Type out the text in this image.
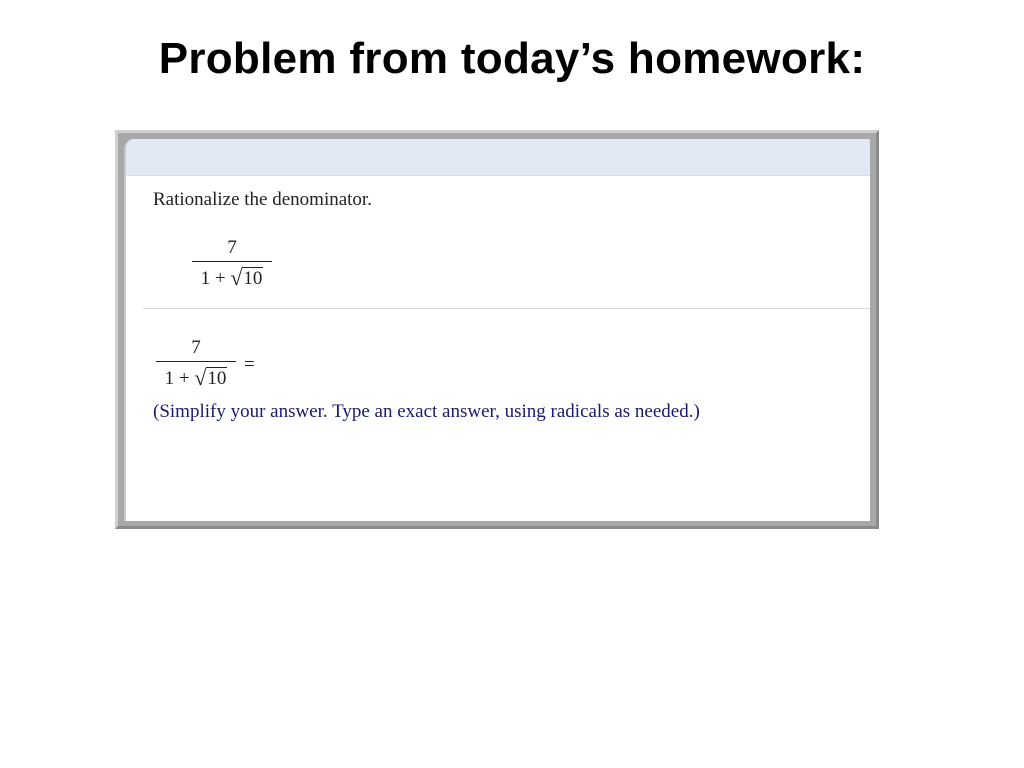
Problem from today’s homework:
Rationalize the denominator.
7
1 + √10
7
1 + √10
=
(Simplify your answer. Type an exact answer, using radicals as needed.)
